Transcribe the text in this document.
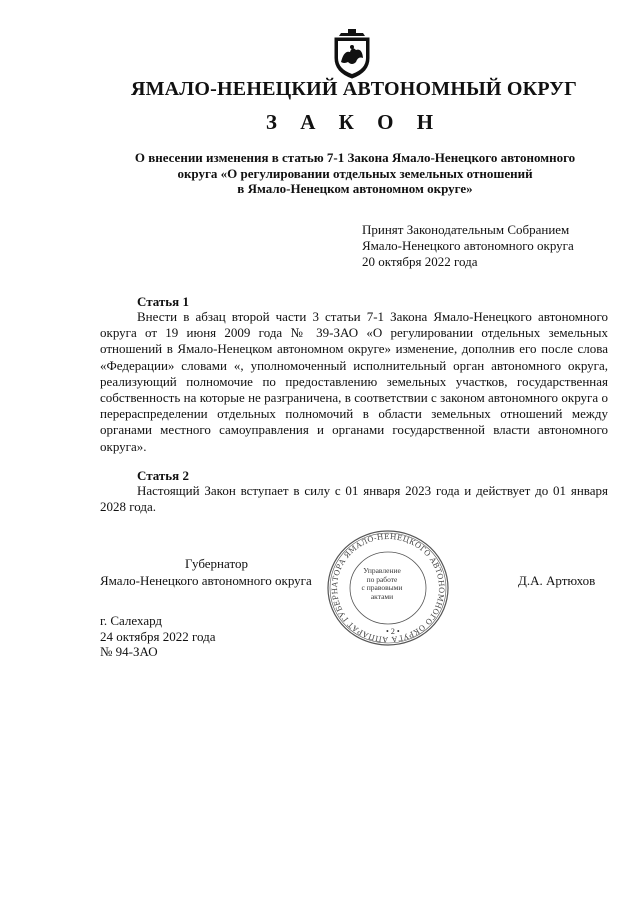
ЯМАЛО-НЕНЕЦКИЙ АВТОНОМНЫЙ ОКРУГ
З А К О Н
О внесении изменения в статью 7-1 Закона Ямало-Ненецкого автономного
округа «О регулировании отдельных земельных отношений
в Ямало-Ненецком автономном округе»
Принят Законодательным Собранием
Ямало-Ненецкого автономного округа
20 октября 2022 года
Статья 1
Внести в абзац второй части 3 статьи 7-1 Закона Ямало-Ненецкого автономного округа от 19 июня 2009 года № 39-ЗАО «О регулировании отдельных земельных отношений в Ямало-Ненецком автономном округе» изменение, дополнив его после слова «Федерации» словами «, уполномоченный исполнительный орган автономного округа, реализующий полномочие по предоставлению земельных участков, государственная собственность на которые не разграничена, в соответствии с законом автономного округа о перераспределении отдельных полномочий в области земельных отношений между органами местного самоуправления и органами государственной власти автономного округа».
Статья 2
Настоящий Закон вступает в силу с 01 января 2023 года и действует до 01 января 2028 года.
АППАРАТ ГУБЕРНАТОРА ЯМАЛО-НЕНЕЦКОГО АВТОНОМНОГО ОКРУГА
Управление
по работе
с правовыми
актами
• 2 •
Губернатор
Ямало-Ненецкого автономного округа	Д.А. Артюхов
г. Салехард
24 октября 2022 года
№ 94-ЗАО
